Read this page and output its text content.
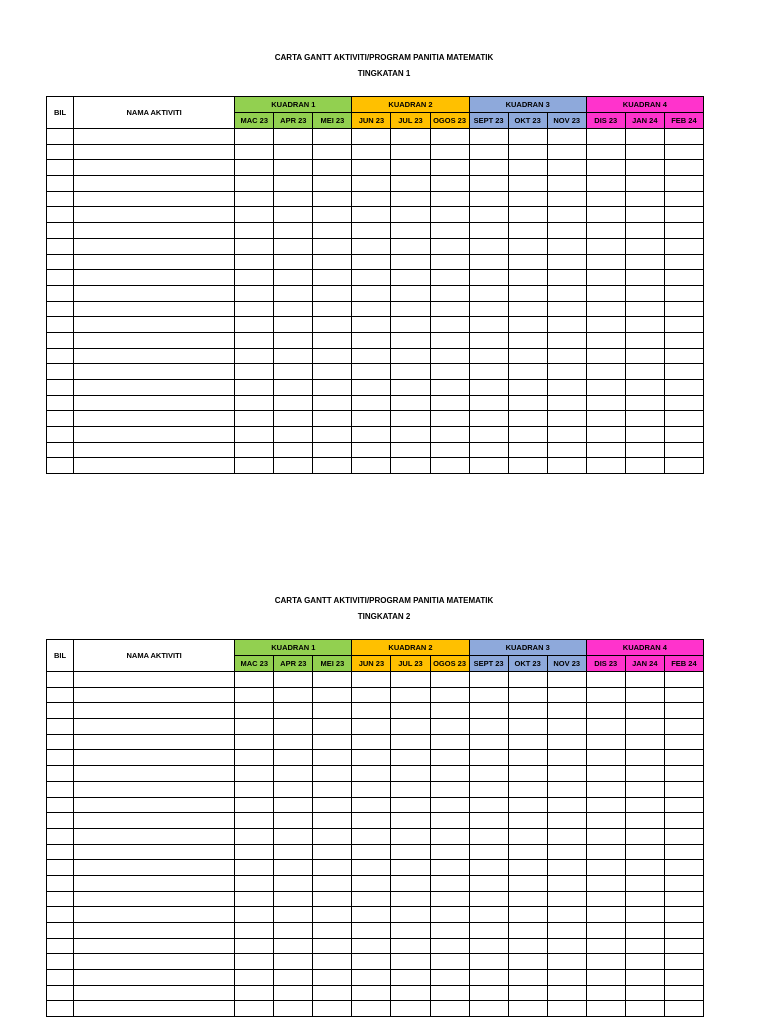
CARTA GANTT AKTIVITI/PROGRAM PANITIA MATEMATIK
TINGKATAN 1
BIL	NAMA AKTIVITI	KUADRAN 1			KUADRAN 2			KUADRAN 3			KUADRAN 4		
		MAC 23	APR 23	MEI 23	JUN 23	JUL 23	OGOS 23	SEPT 23	OKT 23	NOV 23	DIS 23	JAN 24	FEB 24

CARTA GANTT AKTIVITI/PROGRAM PANITIA MATEMATIK
TINGKATAN 2
BIL	NAMA AKTIVITI	KUADRAN 1			KUADRAN 2			KUADRAN 3			KUADRAN 4		
		MAC 23	APR 23	MEI 23	JUN 23	JUL 23	OGOS 23	SEPT 23	OKT 23	NOV 23	DIS 23	JAN 24	FEB 24
